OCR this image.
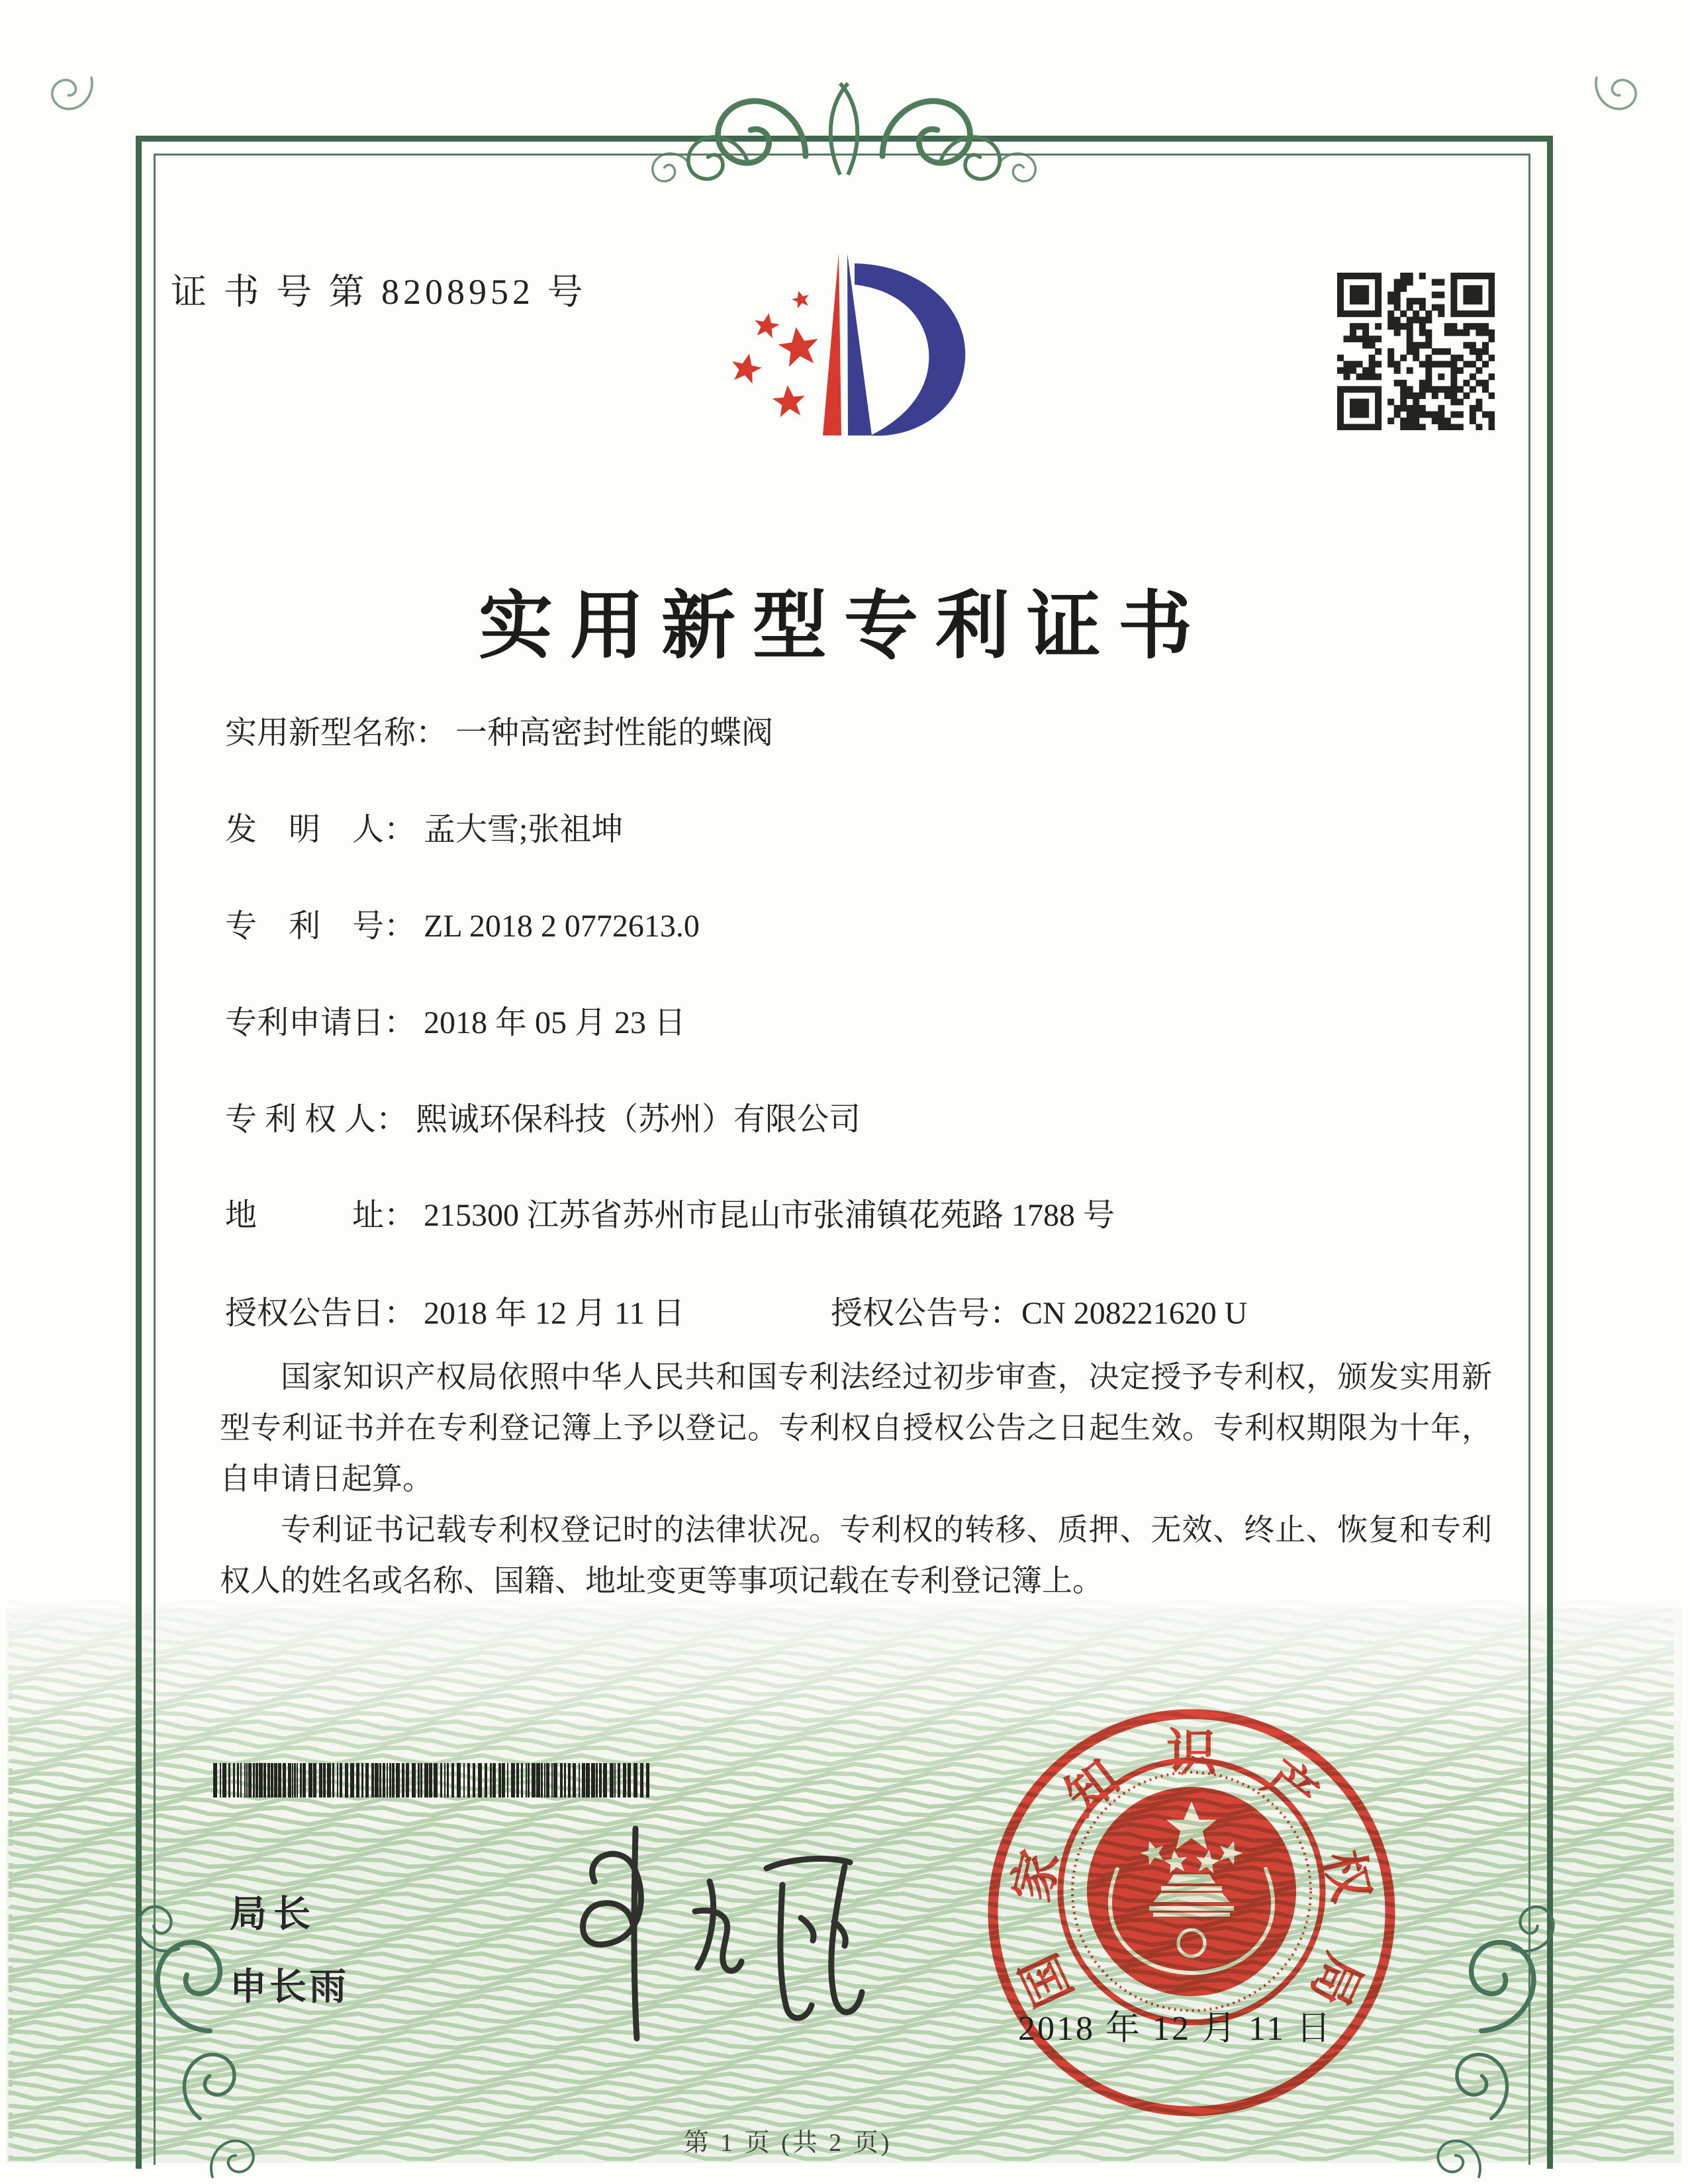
证 书 号 第 8208952 号
实用新型专利证书
实用新型名称： 一种高密封性能的蝶阀
发　明　人： 孟大雪;张祖坤
专　利　号： ZL 2018 2 0772613.0
专利申请日： 2018 年 05 月 23 日
专 利 权 人： 熙诚环保科技（苏州）有限公司
地　　　址： 215300 江苏省苏州市昆山市张浦镇花苑路 1788 号
授权公告日： 2018 年 12 月 11 日	授权公告号：CN 208221620 U

国家知识产权局依照中华人民共和国专利法经过初步审查，决定授予专利权，颁发实用新型专利证书并在专利登记簿上予以登记。专利权自授权公告之日起生效。专利权期限为十年，自申请日起算。

专利证书记载专利权登记时的法律状况。专利权的转移、质押、无效、终止、恢复和专利权人的姓名或名称、国籍、地址变更等事项记载在专利登记簿上。

局长
申长雨	国
家
知 识 产
权
局
2018 年 12 月 11 日
第 1 页 (共 2 页)
